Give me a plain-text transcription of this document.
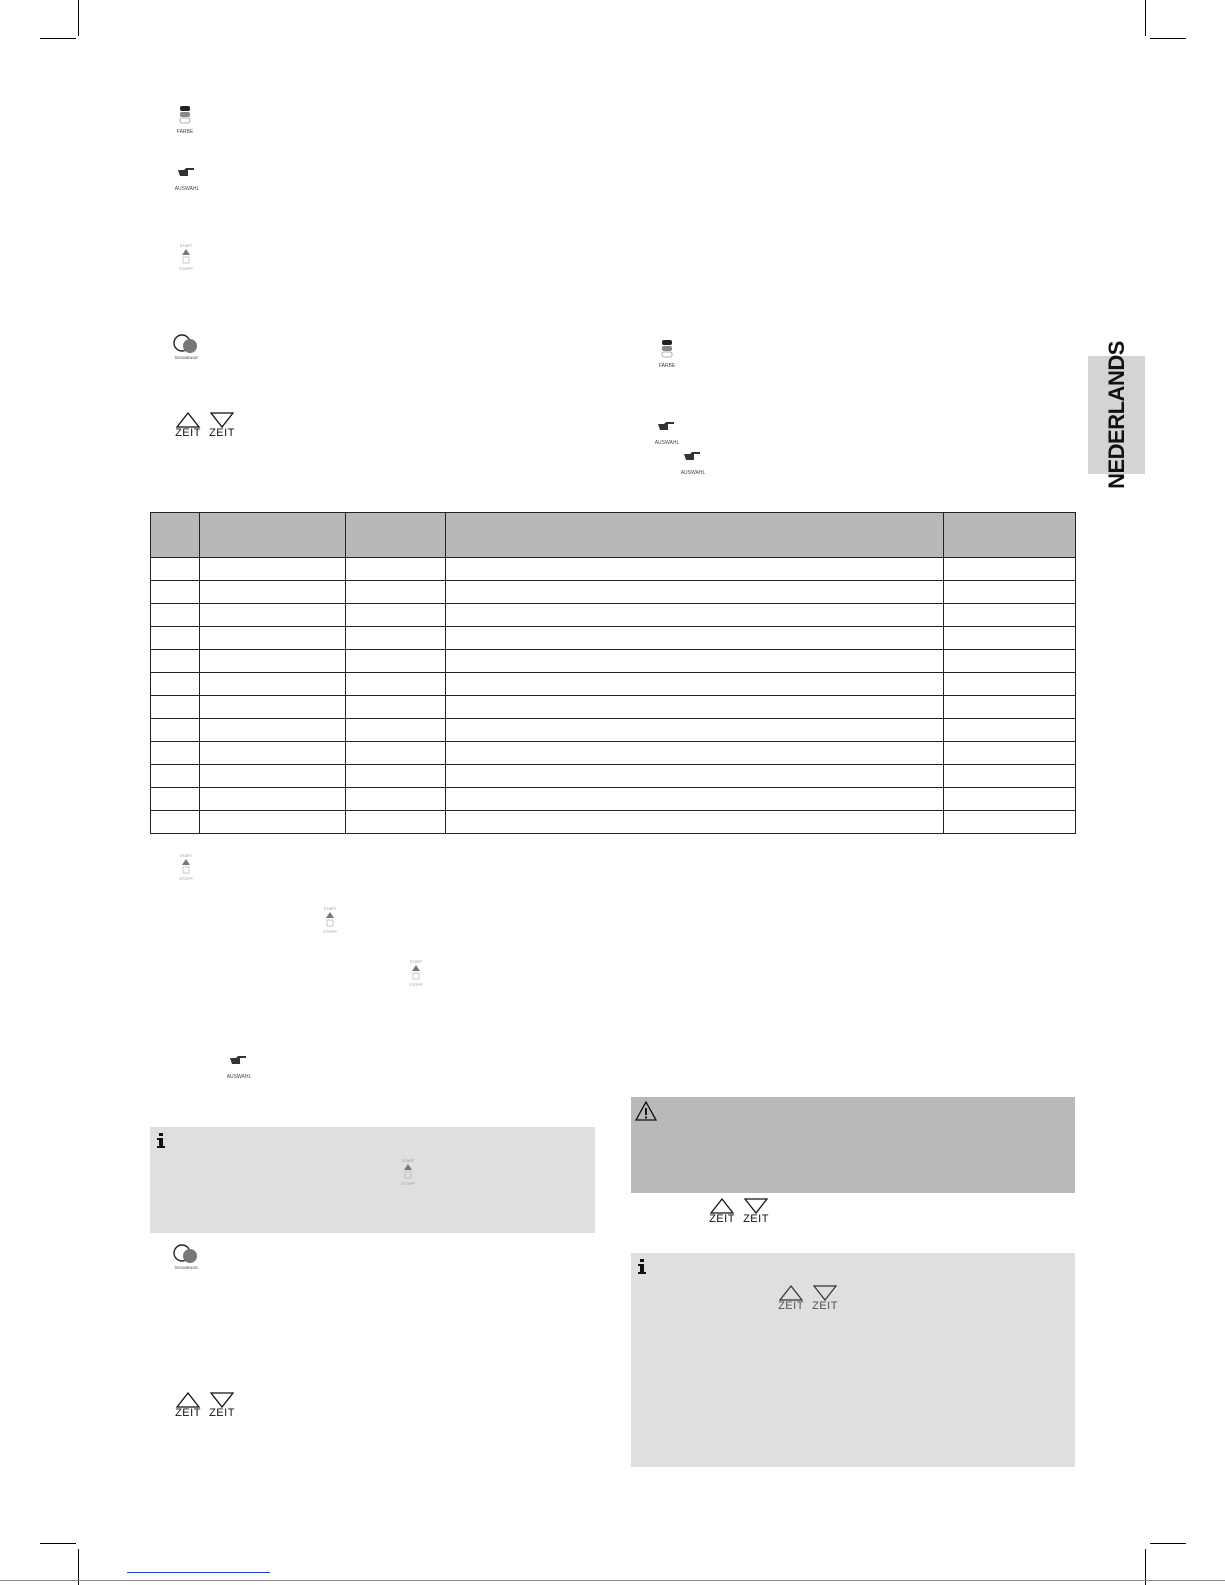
NEDERLANDS
FARBE
AUSWAHL
START
STOPP
TEIGMENGE
ZEIT ZEIT
FARBE
AUSWAHL
AUSWAHL

START
STOPP
START
STOPP
START
STOPP
AUSWAHL
START
STOPP
TEIGMENGE
ZEIT ZEIT
ZEIT ZEIT
ZEIT ZEIT
